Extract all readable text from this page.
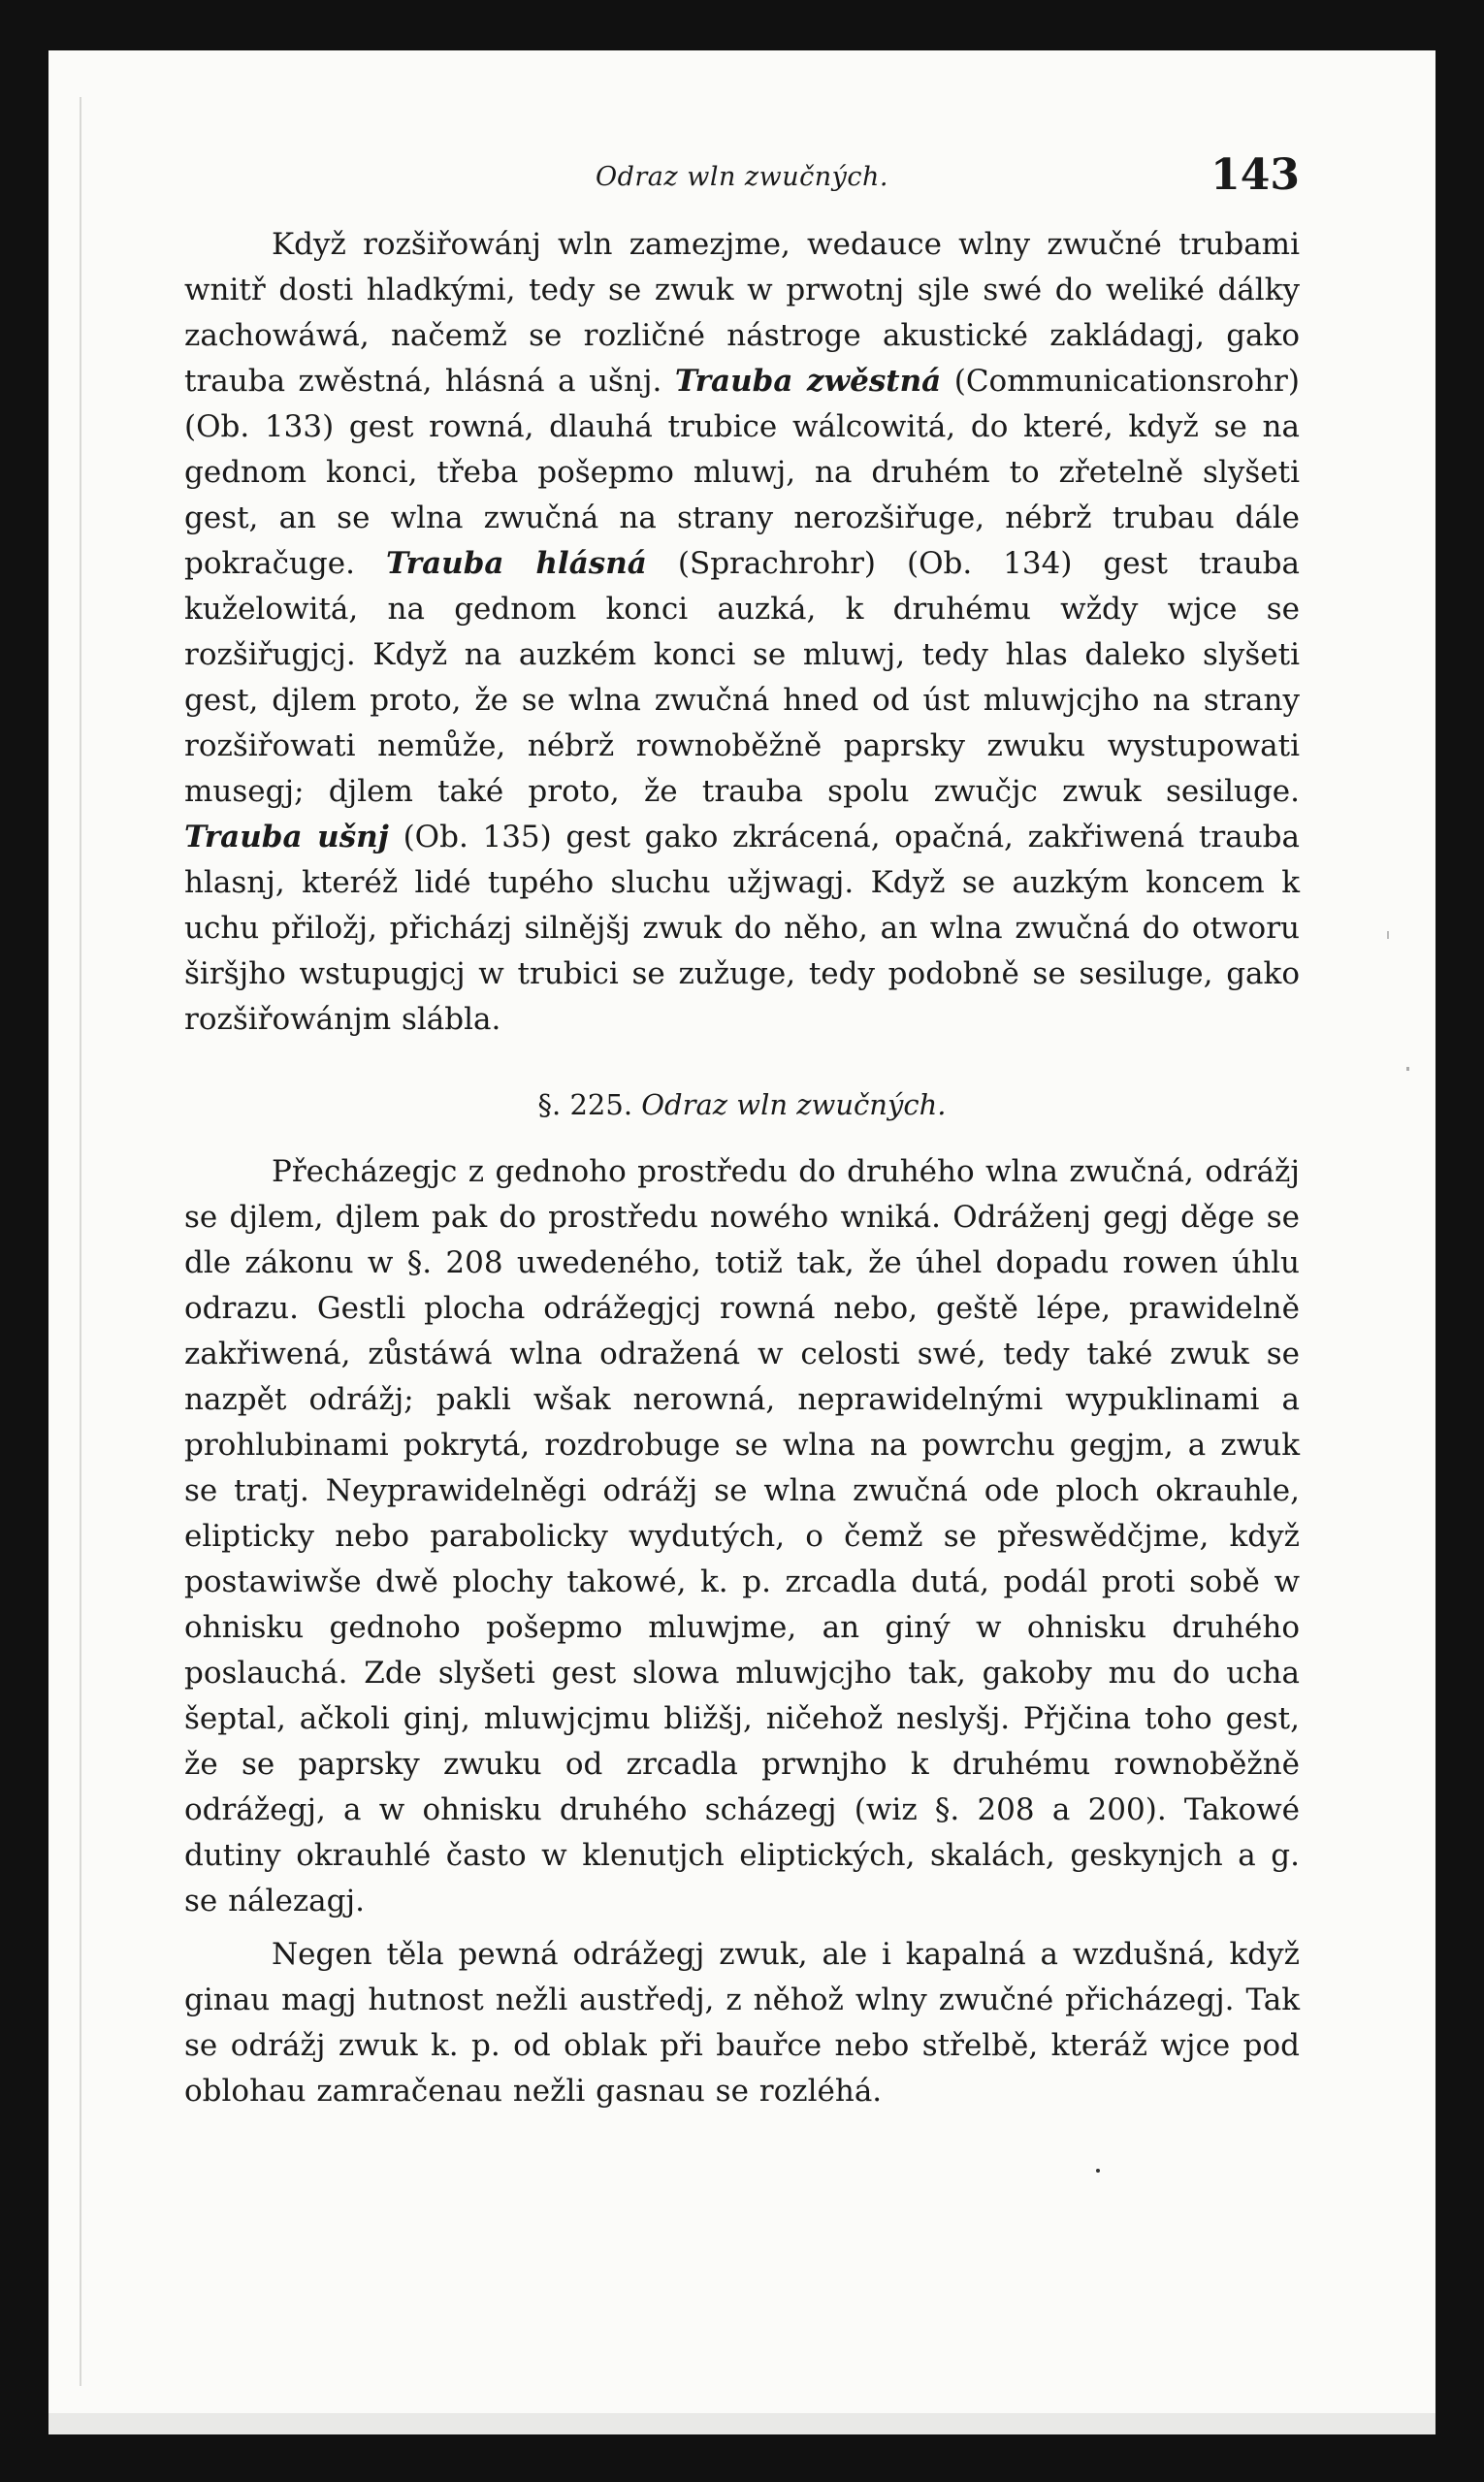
Odraz wln zwučných.	143

Když rozšiřowánj wln zamezjme, wedauce wlny zwučné trubami wnitř dosti hladkými, tedy se zwuk w prwotnj sjle swé do weliké dálky zachowáwá, načemž se rozličné nástroge akustické zakládagj, gako trauba zwěstná, hlásná a ušnj. Trauba zwěstná (Communicationsrohr) (Ob. 133) gest rowná, dlauhá trubice wálcowitá, do které, když se na gednom konci, třeba pošepmo mluwj, na druhém to zřetelně slyšeti gest, an se wlna zwučná na strany nerozšiřuge, nébrž trubau dále pokračuge. Trauba hlásná (Sprachrohr) (Ob. 134) gest trauba kuželowitá, na gednom konci auzká, k druhému wždy wjce se rozšiřugjcj. Když na auzkém konci se mluwj, tedy hlas daleko slyšeti gest, djlem proto, že se wlna zwučná hned od úst mluwjcjho na strany rozšiřowati nemůže, nébrž rownoběžně paprsky zwuku wystupowati musegj; djlem také proto, že trauba spolu zwučjc zwuk sesiluge. Trauba ušnj (Ob. 135) gest gako zkrácená, opačná, zakřiwená trauba hlasnj, kteréž lidé tupého sluchu užjwagj. Když se auzkým koncem k uchu přiložj, přicházj silnějšj zwuk do něho, an wlna zwučná do otworu širšjho wstupugjcj w trubici se zužuge, tedy podobně se sesiluge, gako rozšiřowánjm slábla.

§. 225. Odraz wln zwučných.

Přecházegjc z gednoho prostředu do druhého wlna zwučná, odrážj se djlem, djlem pak do prostředu nowého wniká. Odráženj gegj děge se dle zákonu w §. 208 uwedeného, totiž tak, že úhel dopadu rowen úhlu odrazu. Gestli plocha odrážegjcj rowná nebo, geště lépe, prawidelně zakřiwená, zůstáwá wlna odražená w celosti swé, tedy také zwuk se nazpět odrážj; pakli wšak nerowná, neprawidelnými wypuklinami a prohlubinami pokrytá, rozdrobuge se wlna na powrchu gegjm, a zwuk se tratj. Neyprawidelněgi odrážj se wlna zwučná ode ploch okrauhle, elipticky nebo parabolicky wydutých, o čemž se přeswědčjme, když postawiwše dwě plochy takowé, k. p. zrcadla dutá, podál proti sobě w ohnisku gednoho pošepmo mluwjme, an giný w ohnisku druhého poslauchá. Zde slyšeti gest slowa mluwjcjho tak, gakoby mu do ucha šeptal, ačkoli ginj, mluwjcjmu bližšj, ničehož neslyšj. Přjčina toho gest, že se paprsky zwuku od zrcadla prwnjho k druhému rownoběžně odrážegj, a w ohnisku druhého scházegj (wiz §. 208 a 200). Takowé dutiny okrauhlé často w klenutjch eliptických, skalách, geskynjch a g. se nálezagj.

Negen těla pewná odrážegj zwuk, ale i kapalná a wzdušná, když ginau magj hutnost nežli austředj, z něhož wlny zwučné přicházegj. Tak se odrážj zwuk k. p. od oblak při bauřce nebo střelbě, kteráž wjce pod oblohau zamračenau nežli gasnau se rozléhá.
